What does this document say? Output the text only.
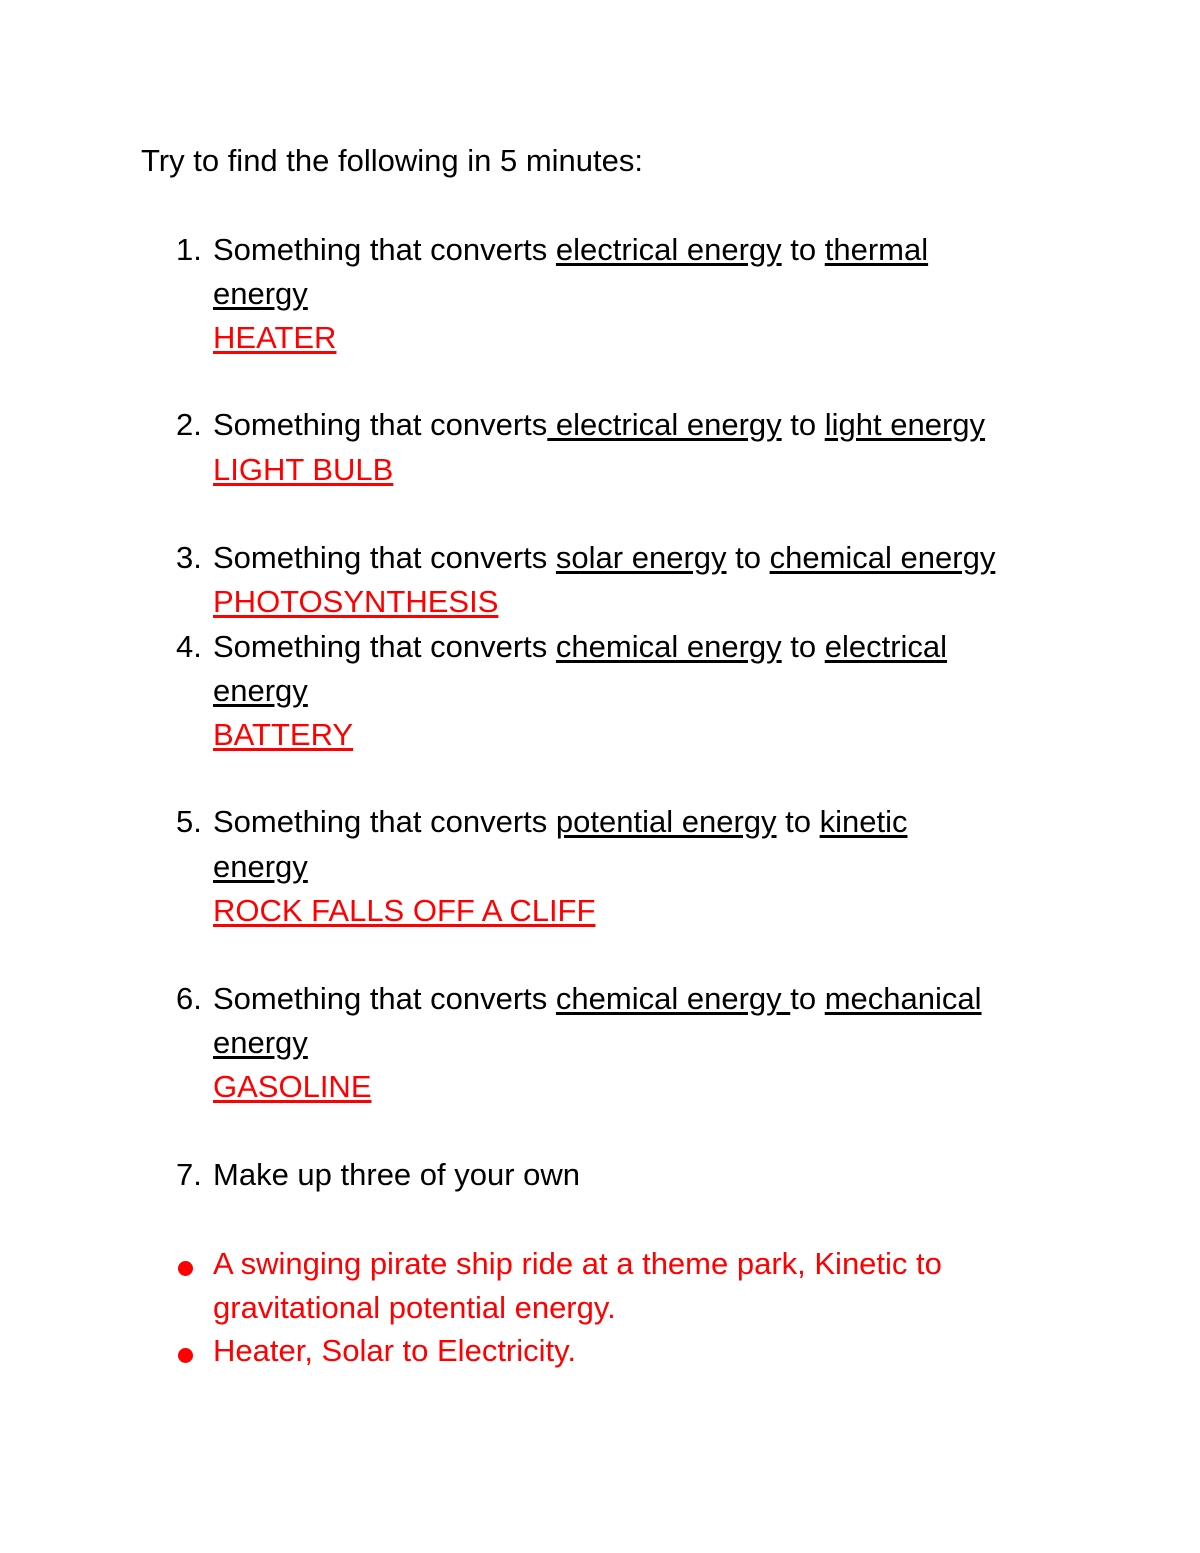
Try to find the following in 5 minutes:
1. Something that converts electrical energy to thermal
energy
HEATER
2. Something that converts electrical energy to light energy
LIGHT BULB
3. Something that converts solar energy to chemical energy
PHOTOSYNTHESIS
4. Something that converts chemical energy to electrical
energy
BATTERY
5. Something that converts potential energy to kinetic
energy
ROCK FALLS OFF A CLIFF
6. Something that converts chemical energy to mechanical
energy
GASOLINE
7. Make up three of your own
A swinging pirate ship ride at a theme park, Kinetic to
gravitational potential energy.
Heater, Solar to Electricity.
